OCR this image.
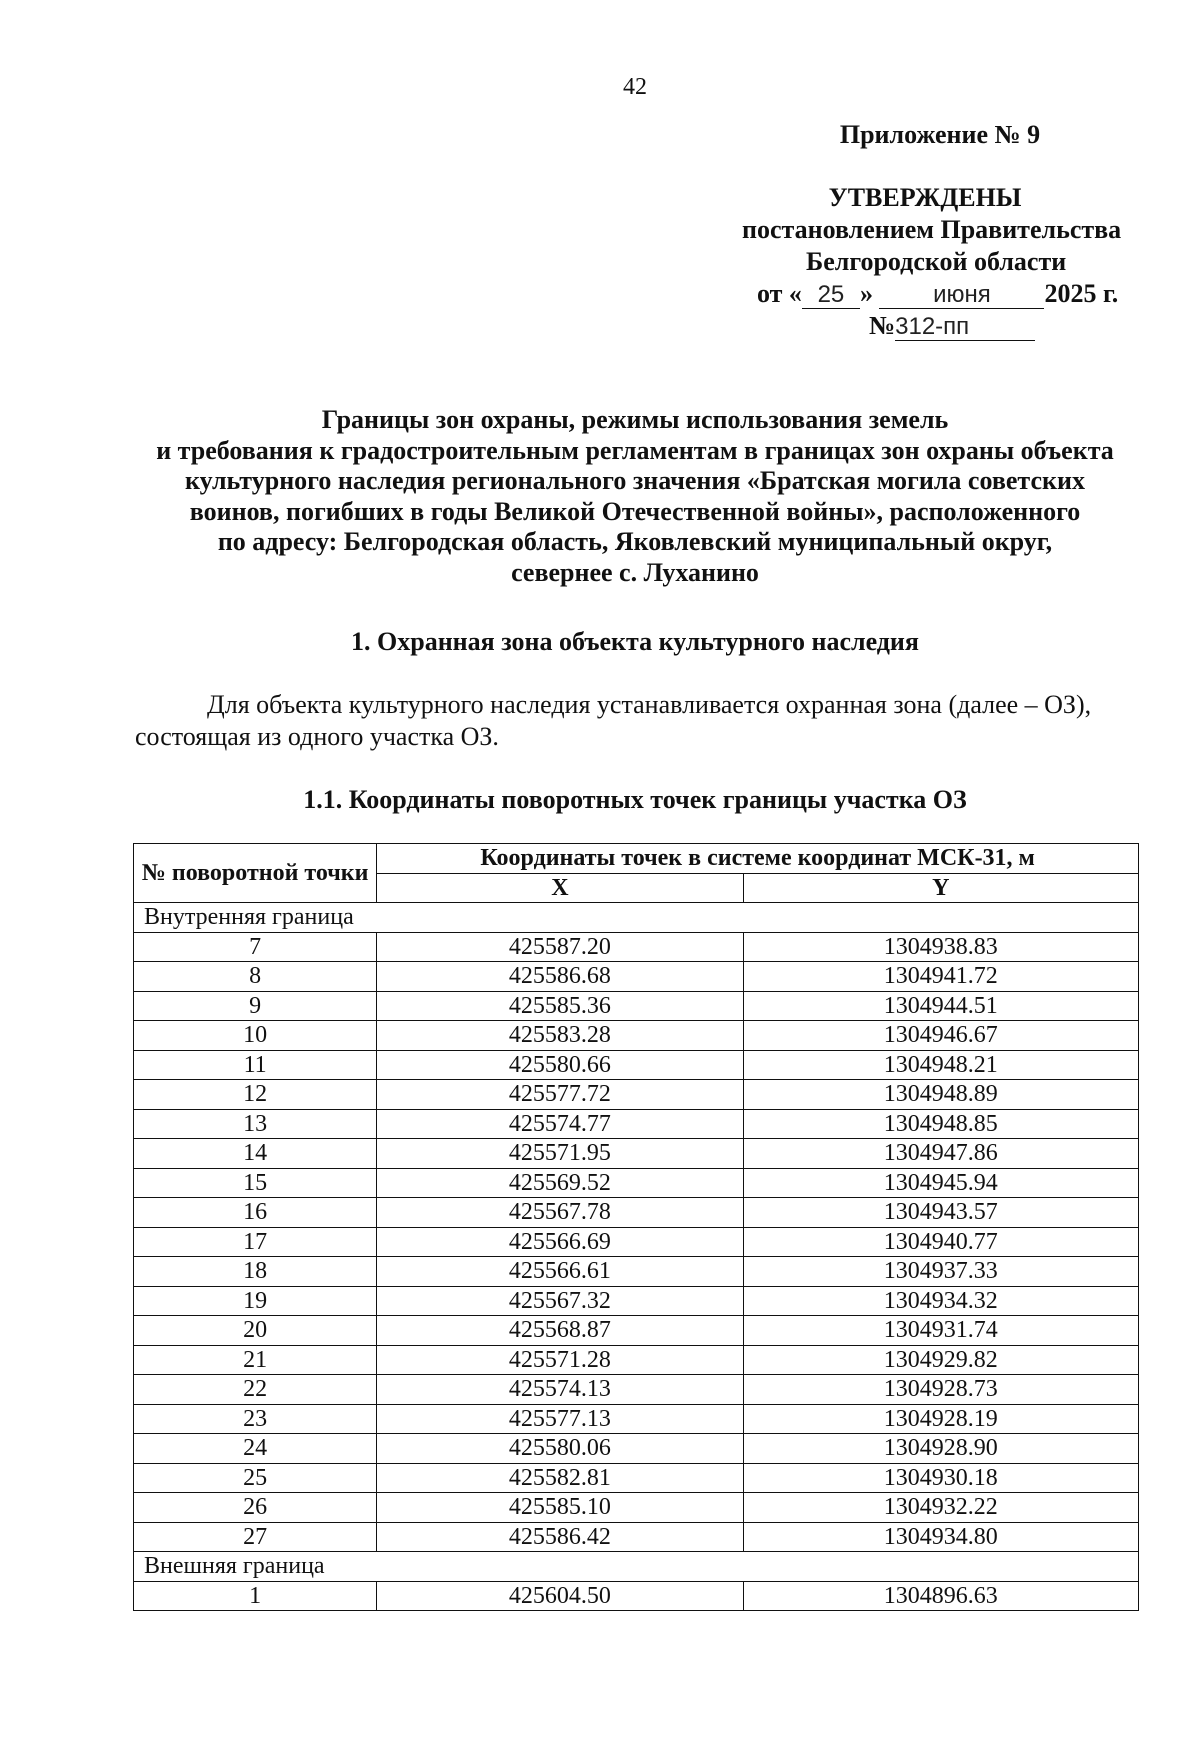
42
Приложение № 9
УТВЕРЖДЕНЫ
постановлением Правительства
Белгородской области
от « 25 »	июня 2025 г.
№312-пп
Границы зон охраны, режимы использования земель
и требования к градостроительным регламентам в границах зон охраны объекта
культурного наследия регионального значения «Братская могила советских
воинов, погибших в годы Великой Отечественной войны», расположенного
по адресу: Белгородская область, Яковлевский муниципальный округ,
севернее с. Луханино
1. Охранная зона объекта культурного наследия
Для объекта культурного наследия устанавливается охранная зона (далее – ОЗ),
состоящая из одного участка ОЗ.
1.1. Координаты поворотных точек границы участка ОЗ
№ поворотной точки	Координаты точек в системе координат МСК-31, м	
	X	Y
Внутренняя граница		
7	425587.20	1304938.83
8	425586.68	1304941.72
9	425585.36	1304944.51
10	425583.28	1304946.67
11	425580.66	1304948.21
12	425577.72	1304948.89
13	425574.77	1304948.85
14	425571.95	1304947.86
15	425569.52	1304945.94
16	425567.78	1304943.57
17	425566.69	1304940.77
18	425566.61	1304937.33
19	425567.32	1304934.32
20	425568.87	1304931.74
21	425571.28	1304929.82
22	425574.13	1304928.73
23	425577.13	1304928.19
24	425580.06	1304928.90
25	425582.81	1304930.18
26	425585.10	1304932.22
27	425586.42	1304934.80
Внешняя граница		
1	425604.50	1304896.63
